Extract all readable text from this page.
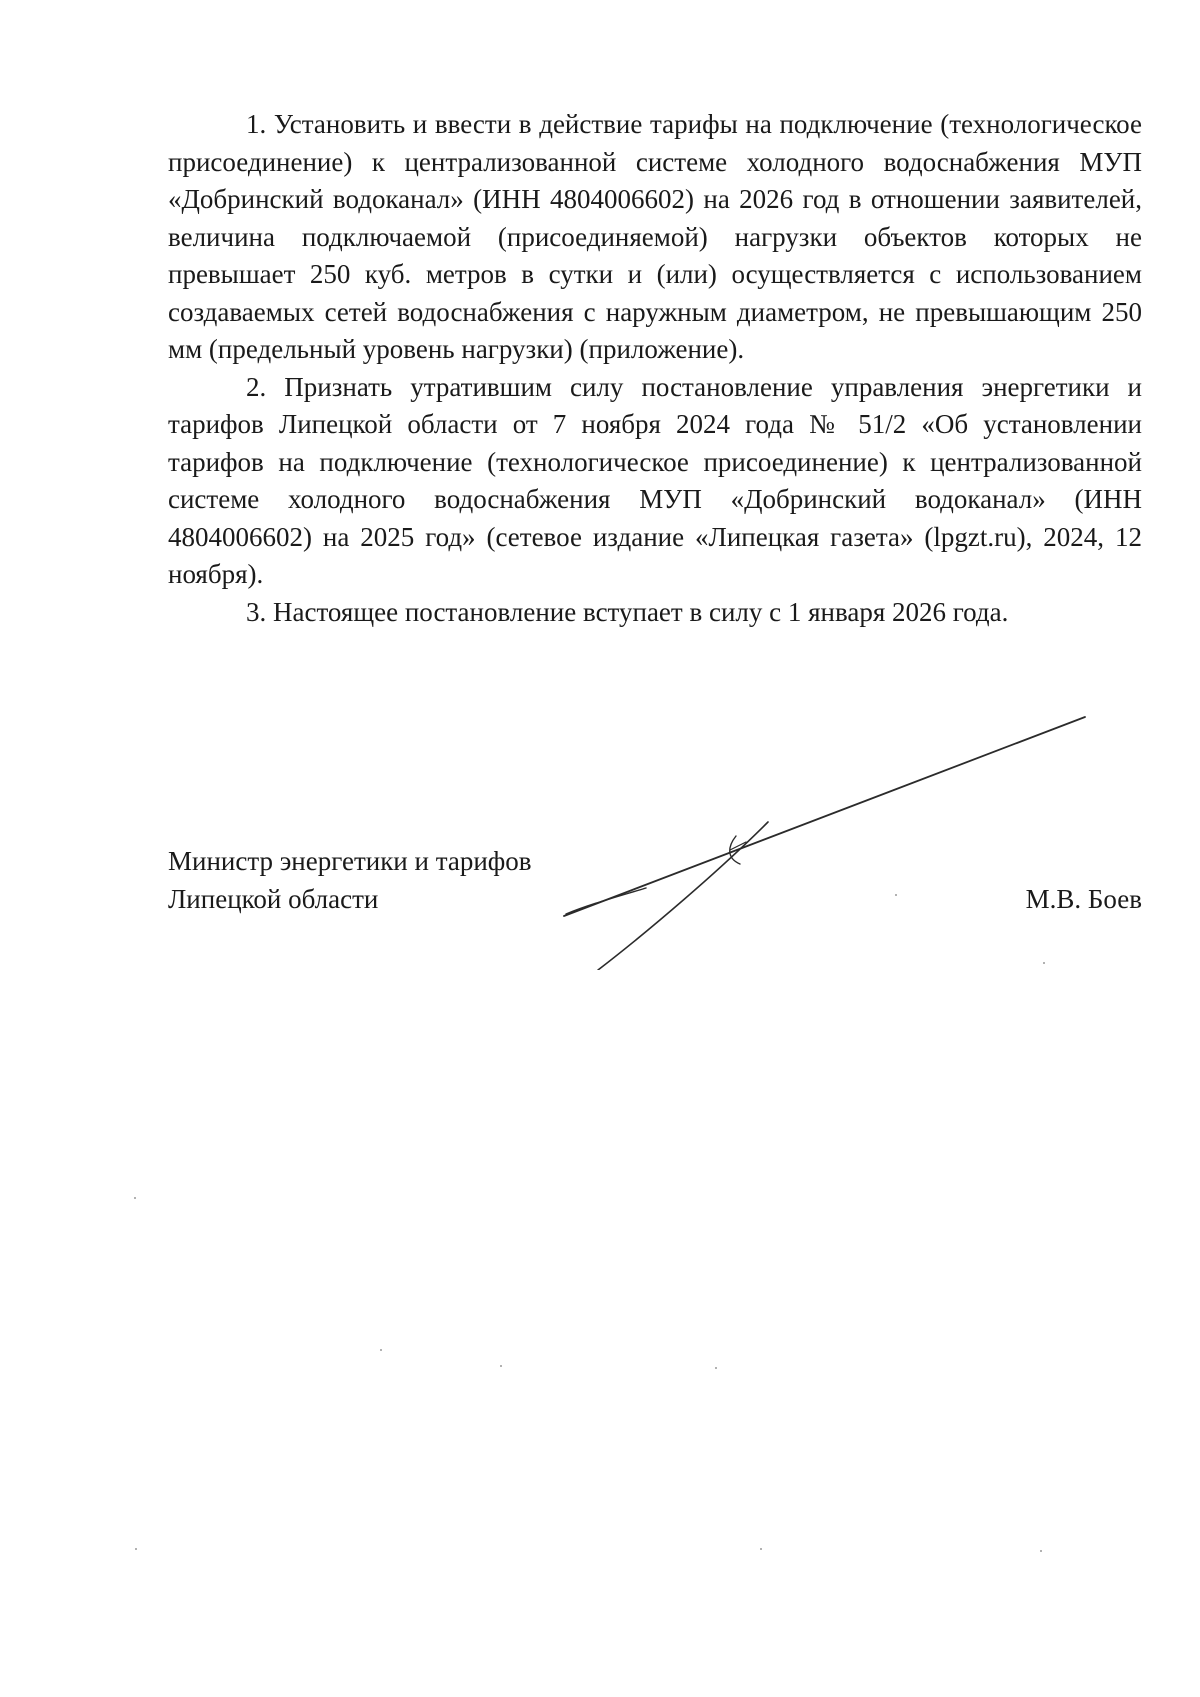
1. Установить и ввести в действие тарифы на подключение (технологическое присоединение) к централизованной системе холодного водоснабжения МУП «Добринский водоканал» (ИНН 4804006602) на 2026 год в отношении заявителей, величина подключаемой (присоединяемой) нагрузки объектов которых не превышает 250 куб. метров в сутки и (или) осуществляется с использованием создаваемых сетей водоснабжения с наружным диаметром, не превышающим 250 мм (предельный уровень нагрузки) (приложение).

2. Признать утратившим силу постановление управления энергетики и тарифов Липецкой области от 7 ноября 2024 года № 51/2 «Об установлении тарифов на подключение (технологическое присоединение) к централизованной системе холодного водоснабжения МУП «Добринский водоканал» (ИНН 4804006602) на 2025 год» (сетевое издание «Липецкая газета» (lpgzt.ru), 2024, 12 ноября).

3. Настоящее постановление вступает в силу с 1 января 2026 года.

Министр энергетики и тарифов
Липецкой области	М.В. Боев
